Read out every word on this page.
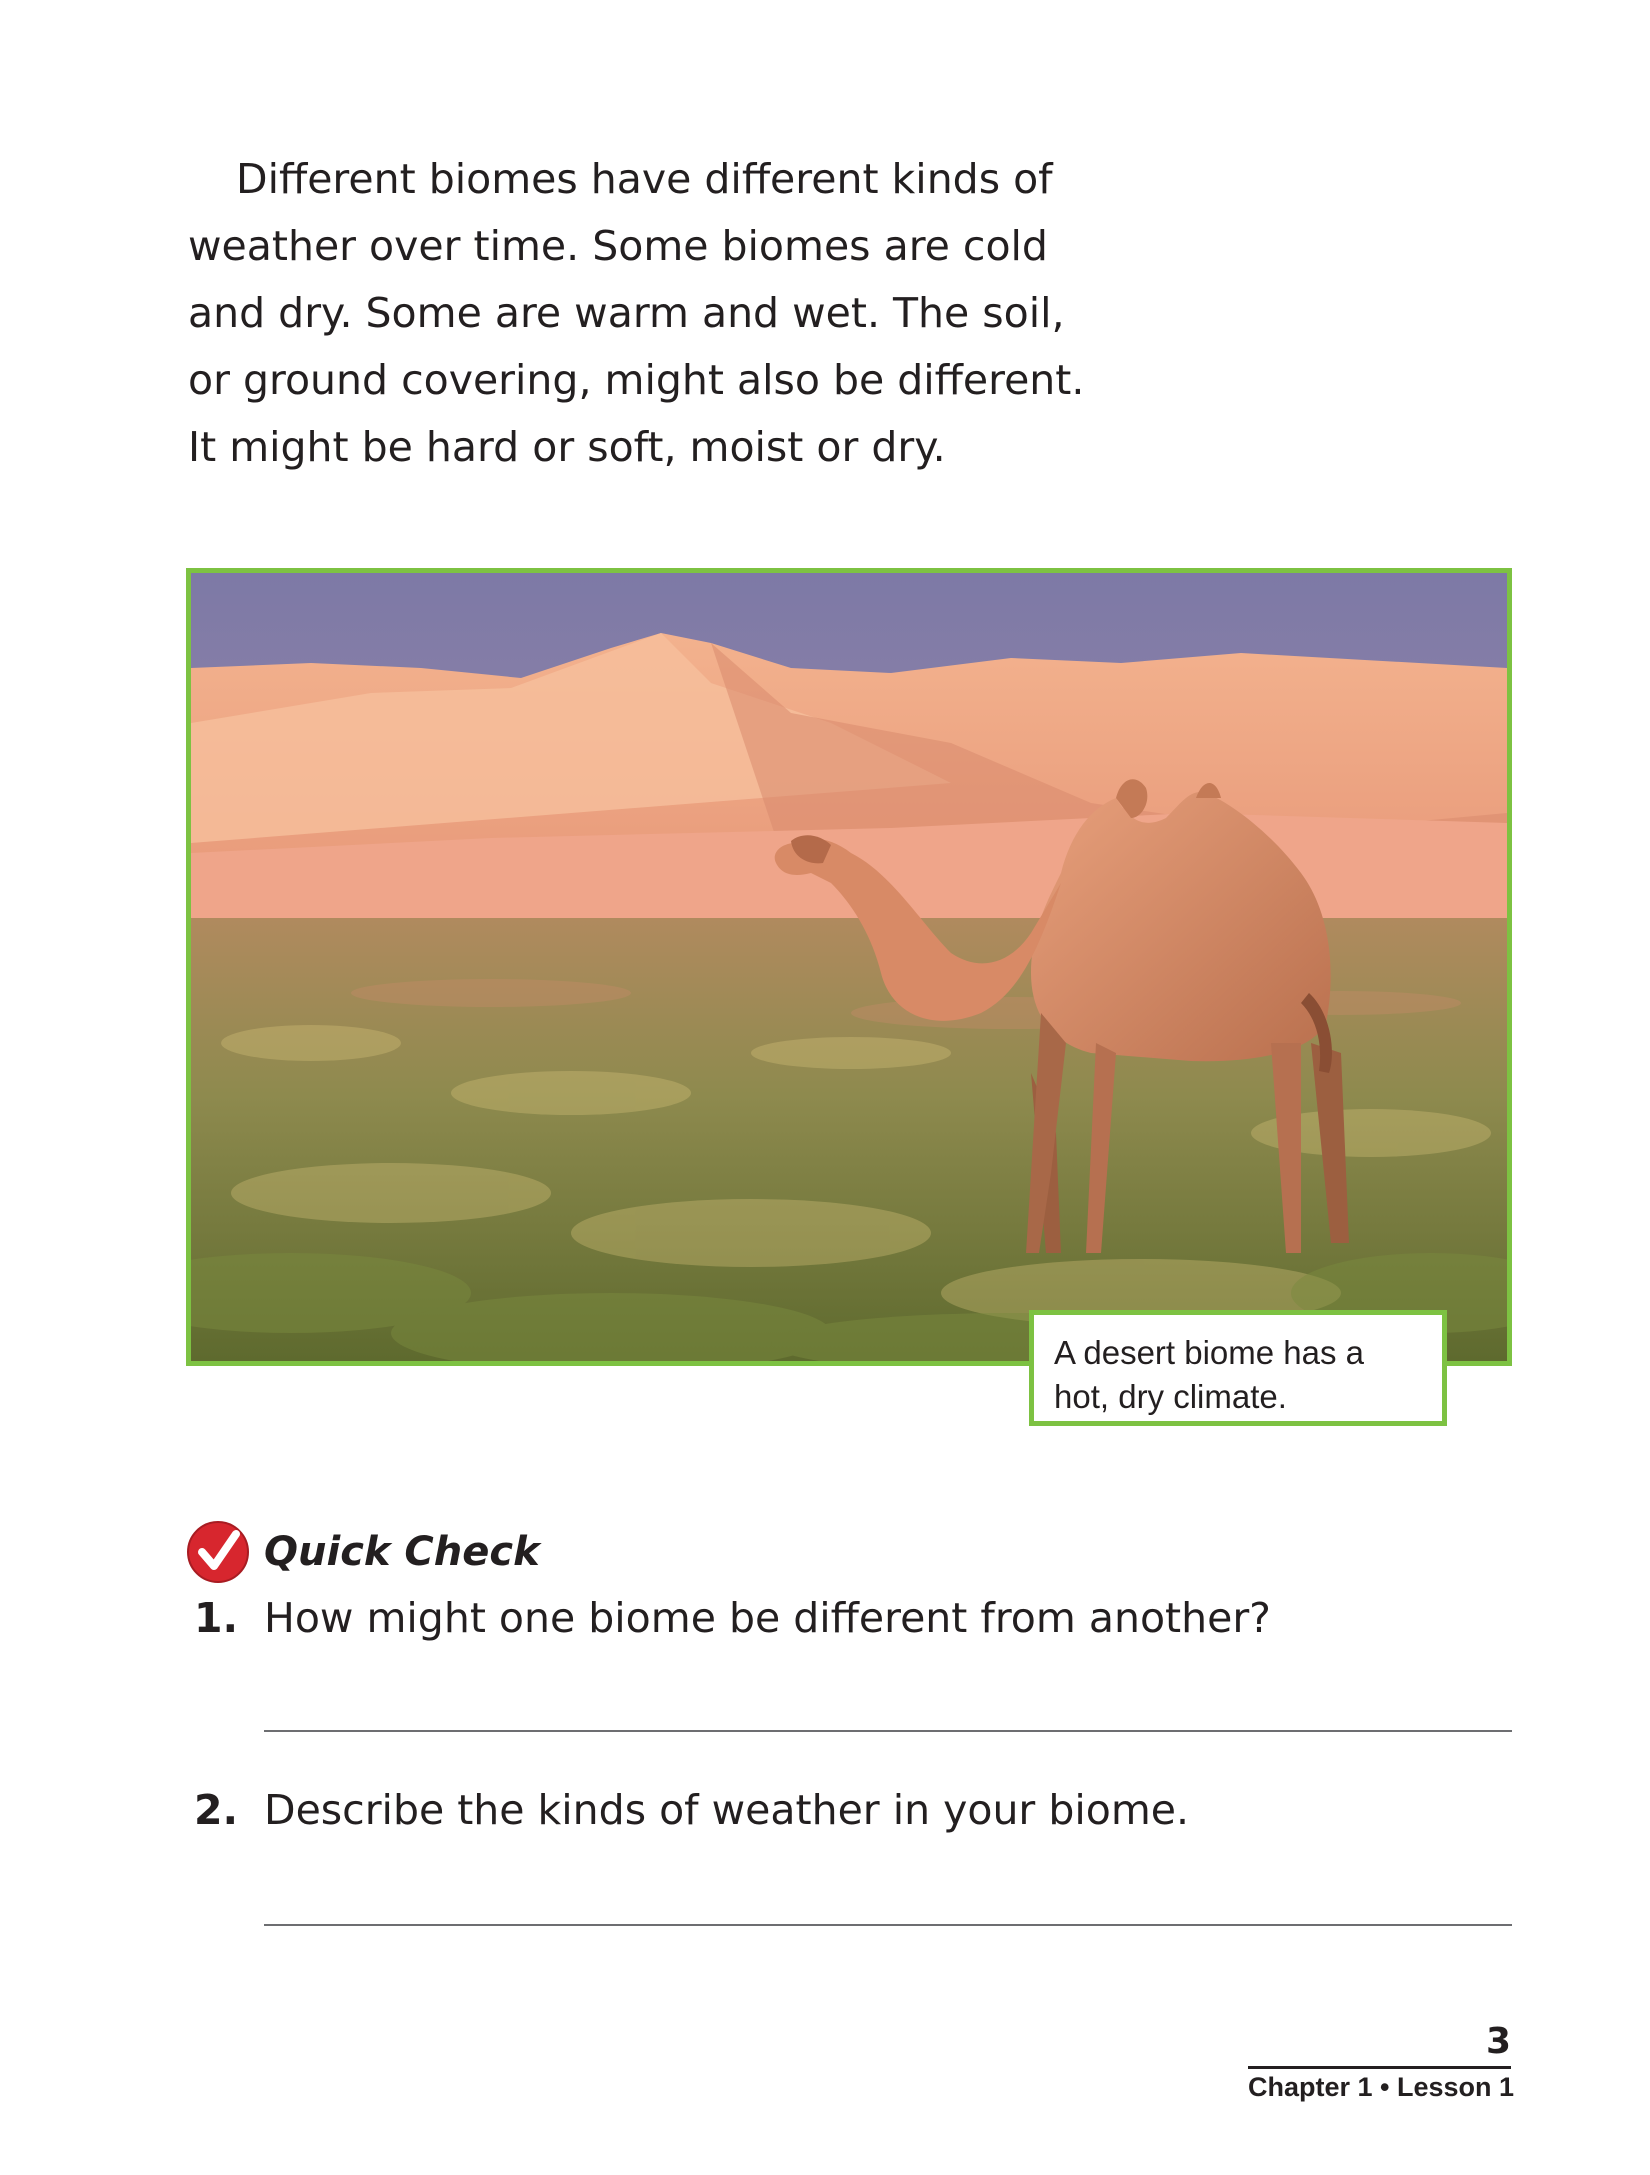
Different biomes have different kinds of
weather over time. Some biomes are cold
and dry. Some are warm and wet. The soil,
or ground covering, might also be different.
It might be hard or soft, moist or dry.
A desert biome has a
hot, dry climate.
Quick Check
1. How might one biome be different from another?
2. Describe the kinds of weather in your biome.
3
Chapter 1 • Lesson 1
